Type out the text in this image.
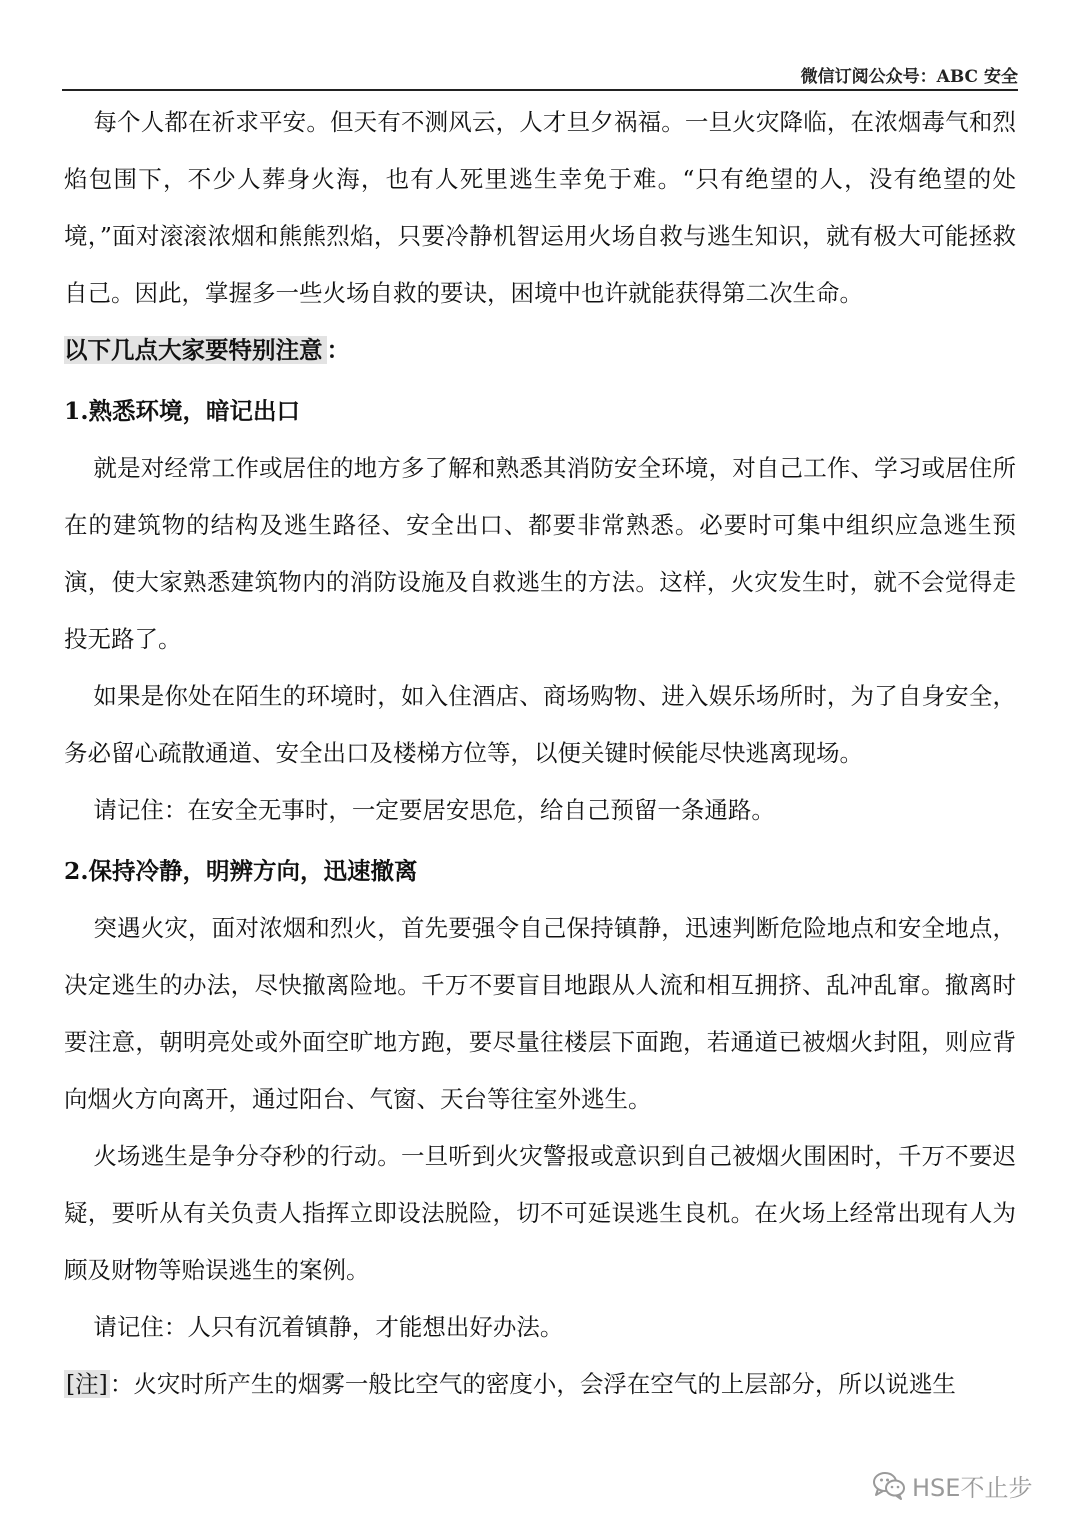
微信订阅公众号：ABC 安全

每个人都在祈求平安。但天有不测风云，人才旦夕祸福。一旦火灾降临，在浓烟毒气和烈焰包围下，不少人葬身火海，也有人死里逃生幸免于难。“只有绝望的人，没有绝望的处境，”面对滚滚浓烟和熊熊烈焰，只要冷静机智运用火场自救与逃生知识，就有极大可能拯救自己。因此，掌握多一些火场自救的要诀，困境中也许就能获得第二次生命。

以下几点大家要特别注意 ：

1.熟悉环境，暗记出口

就是对经常工作或居住的地方多了解和熟悉其消防安全环境，对自己工作、学习或居住所在的建筑物的结构及逃生路径、安全出口、都要非常熟悉。必要时可集中组织应急逃生预演，使大家熟悉建筑物内的消防设施及自救逃生的方法。这样，火灾发生时，就不会觉得走投无路了。

如果是你处在陌生的环境时，如入住酒店、商场购物、进入娱乐场所时，为了自身安全，务必留心疏散通道、安全出口及楼梯方位等，以便关键时候能尽快逃离现场。

请记住：在安全无事时，一定要居安思危，给自己预留一条通路。

2.保持冷静，明辨方向，迅速撤离

突遇火灾，面对浓烟和烈火，首先要强令自己保持镇静，迅速判断危险地点和安全地点，决定逃生的办法，尽快撤离险地。千万不要盲目地跟从人流和相互拥挤、乱冲乱窜。撤离时要注意，朝明亮处或外面空旷地方跑，要尽量往楼层下面跑，若通道已被烟火封阻，则应背向烟火方向离开，通过阳台、气窗、天台等往室外逃生。

火场逃生是争分夺秒的行动。一旦听到火灾警报或意识到自己被烟火围困时，千万不要迟疑，要听从有关负责人指挥立即设法脱险，切不可延误逃生良机。在火场上经常出现有人为顾及财物等贻误逃生的案例。

请记住：人只有沉着镇静，才能想出好办法。

[注]：火灾时所产生的烟雾一般比空气的密度小，会浮在空气的上层部分，所以说逃生

HSE不止步
